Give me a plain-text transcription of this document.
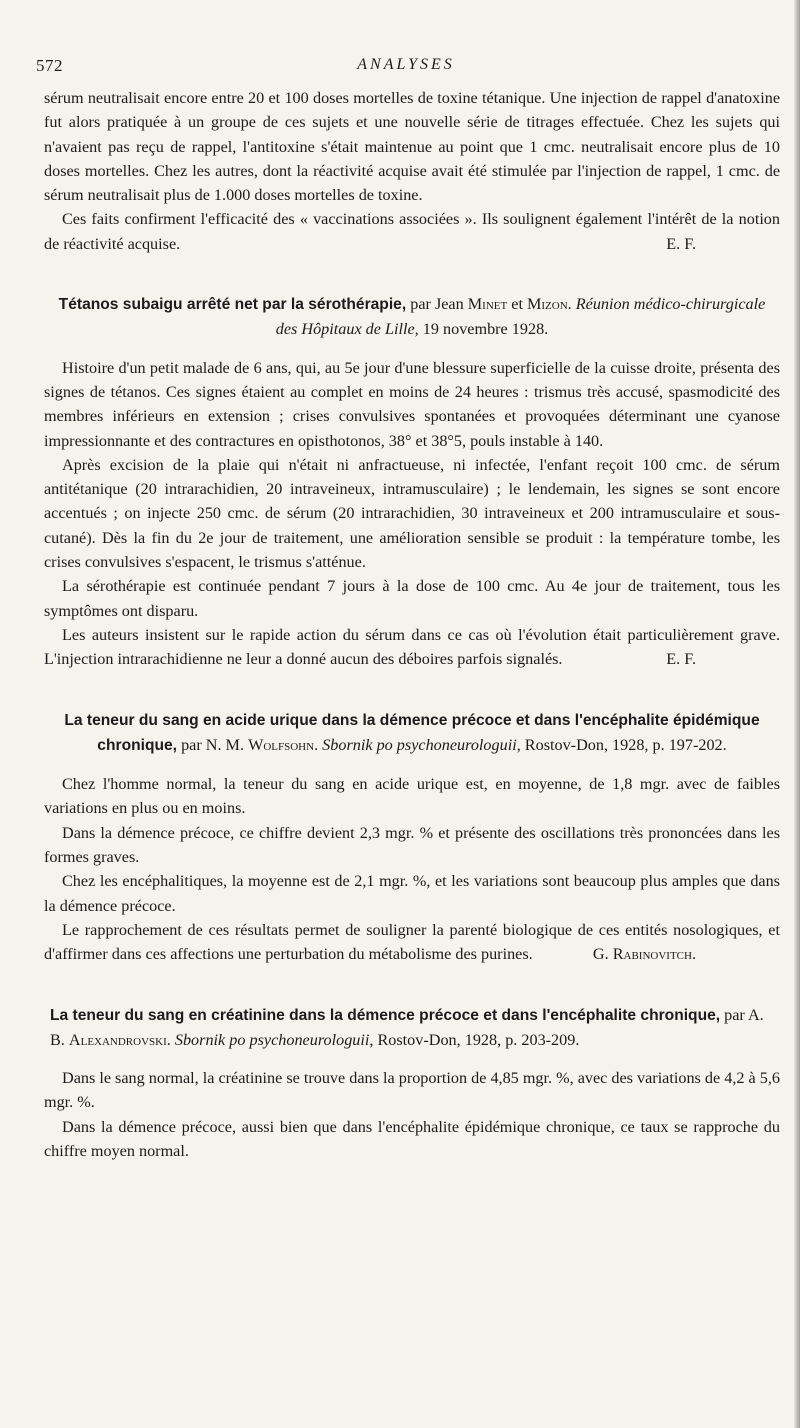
572	ANALYSES

sérum neutralisait encore entre 20 et 100 doses mortelles de toxine tétanique. Une injection de rappel d'anatoxine fut alors pratiquée à un groupe de ces sujets et une nouvelle série de titrages effectuée. Chez les sujets qui n'avaient pas reçu de rappel, l'antitoxine s'était maintenue au point que 1 cmc. neutralisait encore plus de 10 doses mortelles. Chez les autres, dont la réactivité acquise avait été stimulée par l'injection de rappel, 1 cmc. de sérum neutralisait plus de 1.000 doses mortelles de toxine.

Ces faits confirment l'efficacité des « vaccinations associées ». Ils soulignent également l'intérêt de la notion de réactivité acquise.	E. F.

Tétanos subaigu arrêté net par la sérothérapie, par Jean Minet et Mizon. Réunion médico-chirurgicale des Hôpitaux de Lille, 19 novembre 1928.

Histoire d'un petit malade de 6 ans, qui, au 5e jour d'une blessure superficielle de la cuisse droite, présenta des signes de tétanos. Ces signes étaient au complet en moins de 24 heures : trismus très accusé, spasmodicité des membres inférieurs en extension ; crises convulsives spontanées et provoquées déterminant une cyanose impressionnante et des contractures en opisthotonos, 38° et 38°5, pouls instable à 140.

Après excision de la plaie qui n'était ni anfractueuse, ni infectée, l'enfant reçoit 100 cmc. de sérum antitétanique (20 intrarachidien, 20 intraveineux, intramusculaire) ; le lendemain, les signes se sont encore accentués ; on injecte 250 cmc. de sérum (20 intrarachidien, 30 intraveineux et 200 intramusculaire et sous-cutané). Dès la fin du 2e jour de traitement, une amélioration sensible se produit : la température tombe, les crises convulsives s'espacent, le trismus s'atténue.

La sérothérapie est continuée pendant 7 jours à la dose de 100 cmc. Au 4e jour de traitement, tous les symptômes ont disparu.

Les auteurs insistent sur le rapide action du sérum dans ce cas où l'évolution était particulièrement grave. L'injection intrarachidienne ne leur a donné aucun des déboires parfois signalés.	E. F.

La teneur du sang en acide urique dans la démence précoce et dans l'encéphalite épidémique chronique, par N. M. Wolfsohn. Sbornik po psychoneurologuii, Rostov-Don, 1928, p. 197-202.

Chez l'homme normal, la teneur du sang en acide urique est, en moyenne, de 1,8 mgr. avec de faibles variations en plus ou en moins.

Dans la démence précoce, ce chiffre devient 2,3 mgr. % et présente des oscillations très prononcées dans les formes graves.

Chez les encéphalitiques, la moyenne est de 2,1 mgr. %, et les variations sont beaucoup plus amples que dans la démence précoce.

Le rapprochement de ces résultats permet de souligner la parenté biologique de ces entités nosologiques, et d'affirmer dans ces affections une perturbation du métabolisme des purines.	G. Rabinovitch.

La teneur du sang en créatinine dans la démence précoce et dans l'encéphalite chronique, par A. B. Alexandrovski. Sbornik po psychoneurologuii, Rostov-Don, 1928, p. 203-209.

Dans le sang normal, la créatinine se trouve dans la proportion de 4,85 mgr. %, avec des variations de 4,2 à 5,6 mgr. %.

Dans la démence précoce, aussi bien que dans l'encéphalite épidémique chronique, ce taux se rapproche du chiffre moyen normal.
